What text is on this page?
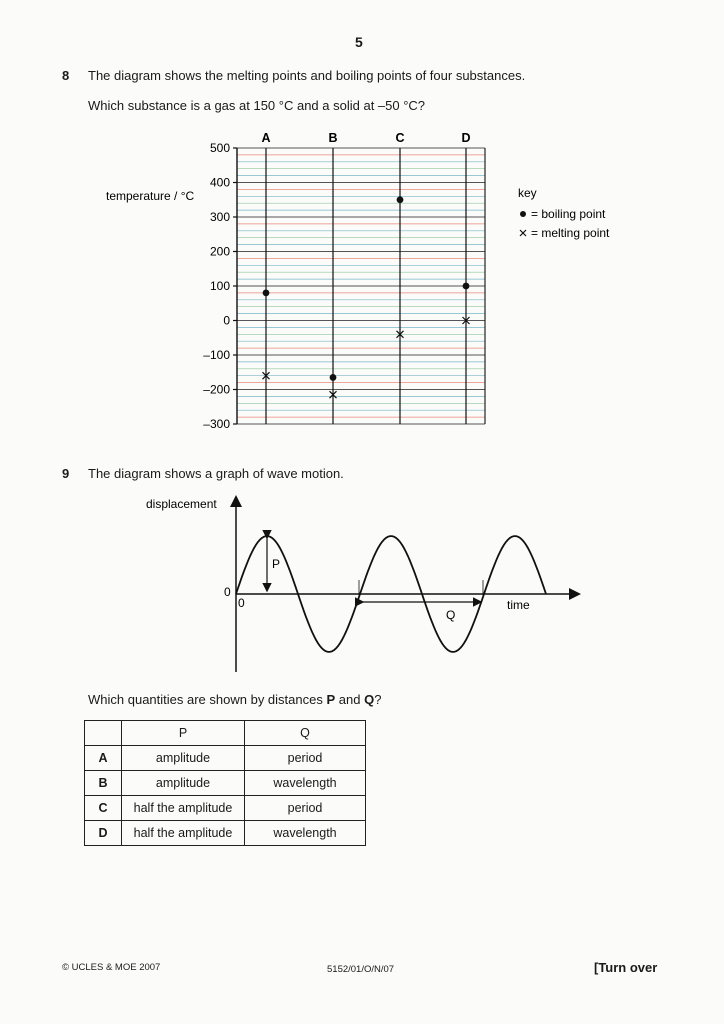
5
8 The diagram shows the melting points and boiling points of four substances.
Which substance is a gas at 150 °C and a solid at –50 °C?
500
400
300
200
100
0
–100
–200
–300
A	B	C	D
temperature / °C	key
= boiling point
= melting point
9 The diagram shows a graph of wave motion.
displacement
0
0	time
P
Q
Which quantities are shown by distances P and Q?
	P	Q
A	amplitude	period
B	amplitude	wavelength
C	half the amplitude	period
D	half the amplitude	wavelength
© UCLES & MOE 2007	5152/01/O/N/07	[Turn over
